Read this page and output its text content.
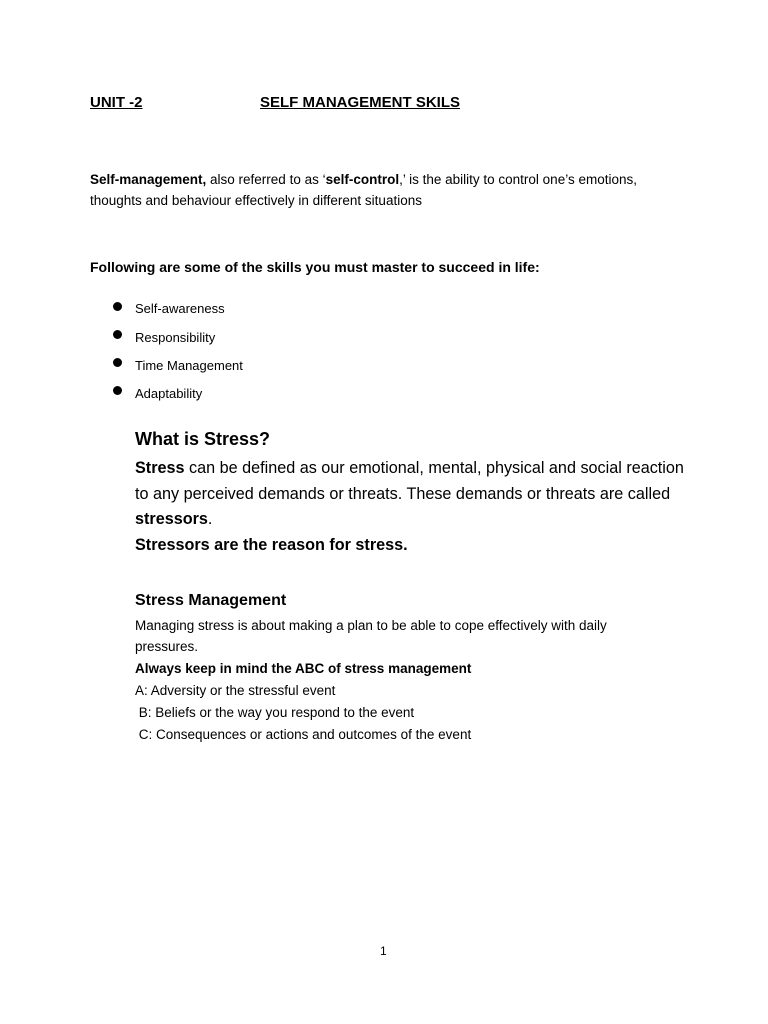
UNIT -2	SELF MANAGEMENT SKILS
Self-management, also referred to as ‘self-control,’ is the ability to control one’s emotions,
thoughts and behaviour effectively in different situations
Following are some of the skills you must master to succeed in life:
Self-awareness
Responsibility
Time Management
Adaptability
What is Stress?
Stress can be defined as our emotional, mental, physical and social reaction
to any perceived demands or threats. These demands or threats are called
stressors.
Stressors are the reason for stress.
Stress Management
Managing stress is about making a plan to be able to cope effectively with daily
pressures.
Always keep in mind the ABC of stress management
A: Adversity or the stressful event
B: Beliefs or the way you respond to the event
C: Consequences or actions and outcomes of the event
1
